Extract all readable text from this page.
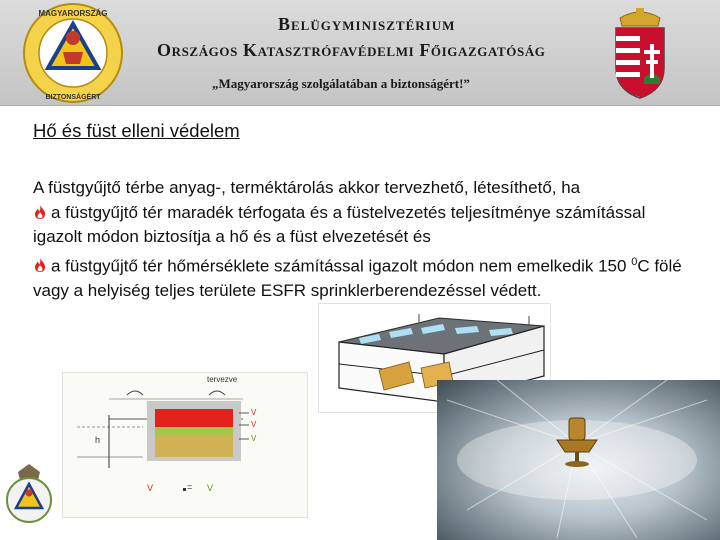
MAGYARORSZÁG
BIZTONSÁGÉRT
Belügyminisztérium
Országos Katasztrófavédelmi Főigazgatóság
„Magyarország szolgálatában a biztonságért!”
Hő és füst elleni védelem

A füstgyűjtő térbe anyag-, terméktárolás akkor tervezhető, létesíthető, ha

a füstgyűjtő tér maradék térfogata és a füstelvezetés teljesítménye számítással igazolt módon biztosítja a hő és a füst elvezetését és

a füstgyűjtő tér hőmérséklete számítással igazolt módon nem emelkedik 150 $^0$C fölé vagy a helyiség teljes területe ESFR sprinklerberendezéssel védett.

tervezve
h
V
V
V
V	= V
